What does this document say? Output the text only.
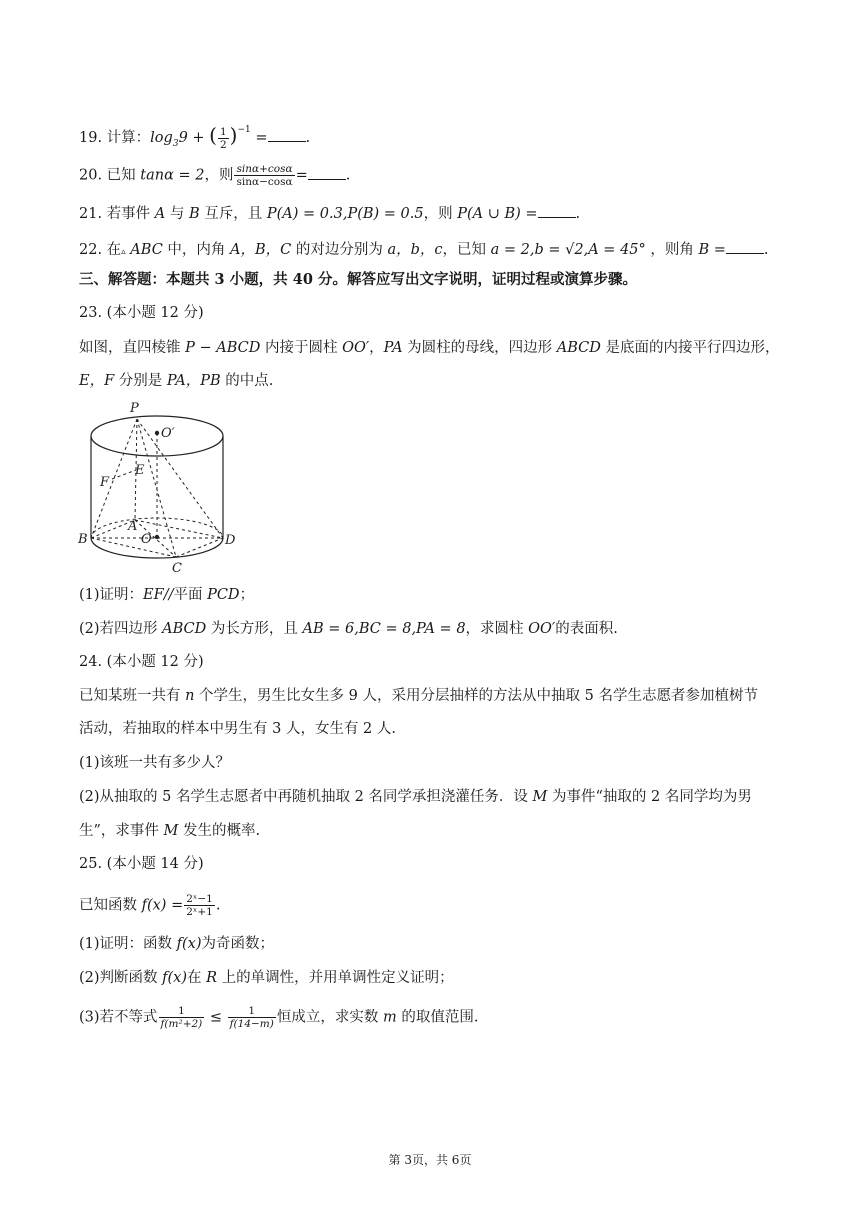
19. 计算：$\log_39$ + ( $\frac{1}{2} )^{-1}$ =	.
20. 已知 tanα = 2，则 $\frac{\sin\alpha+\cos\alpha}{\sin\alpha-\cos\alpha}$ =	.
21. 若事件 A 与 B 互斥，且 P(A) = 0.3,P(B) = 0.5，则 P(A ∪ B) =	.
22. 在▵ ABC 中，内角 A，B，C 的对边分别为 a，b，c，已知 a = 2,b = √2,A = 45° ，则角 B =	.
三、解答题：本题共 3 小题，共 40 分。解答应写出文字说明，证明过程或演算步骤。
23. (本小题 12 分)
如图，直四棱锥 P − ABCD 内接于圆柱 OO′，PA 为圆柱的母线，四边形 ABCD 是底面的内接平行四边形，
E，F 分别是 PA，PB 的中点.
P
O′
E
F
A
B	O	D
C
(1)证明：EF//平面 PCD；
(2)若四边形 ABCD 为长方形，且 AB = 6,BC = 8,PA = 8，求圆柱 OO′的表面积.
24. (本小题 12 分)
已知某班一共有 n 个学生，男生比女生多 9 人，采用分层抽样的方法从中抽取 5 名学生志愿者参加植树节
活动，若抽取的样本中男生有 3 人，女生有 2 人.
(1)该班一共有多少人？
(2)从抽取的 5 名学生志愿者中再随机抽取 2 名同学承担浇灌任务．设 M 为事件“抽取的 2 名同学均为男
生”，求事件 M 发生的概率.
25. (本小题 14 分)
已知函数 $f(x) = \frac{\text{2ˣ−1}}{\text{2ˣ+1}}$ .
(1)证明：函数 f(x)为奇函数；
(2)判断函数 f(x)在 R 上的单调性，并用单调性定义证明；
(3)若不等式 $\frac{1}{\text{f(m²+2)}} \le \frac{1}{f(14-m)}$ 恒成立，求实数 m 的取值范围.
第 3页，共 6页
